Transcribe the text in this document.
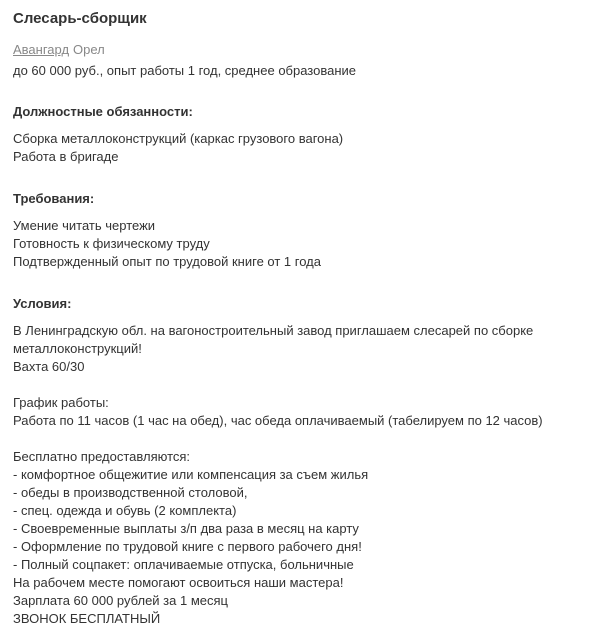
Слесарь-сборщик
Авангард Орел
до 60 000 руб., опыт работы 1 год, среднее образование
Должностные обязанности:
Сборка металлоконструкций (каркас грузового вагона)
Работа в бригаде
Требования:
Умение читать чертежи
Готовность к физическому труду
Подтвержденный опыт по трудовой книге от 1 года
Условия:
В Ленинградскую обл. на вагоностроительный завод приглашаем слесарей по сборке металлоконструкций!
Вахта 60/30
График работы:
Работа по 11 часов (1 час на обед), час обеда оплачиваемый (табелируем по 12 часов)
Бесплатно предоставляются:
- комфортное общежитие или компенсация за съем жилья
- обеды в производственной столовой,
- спец. одежда и обувь (2 комплекта)
- Своевременные выплаты з/п два раза в месяц на карту
- Оформление по трудовой книге с первого рабочего дня!
- Полный соцпакет: оплачиваемые отпуска, больничные
На рабочем месте помогают освоиться наши мастера!
Зарплата 60 000 рублей за 1 месяц
ЗВОНОК БЕСПЛАТНЫЙ
